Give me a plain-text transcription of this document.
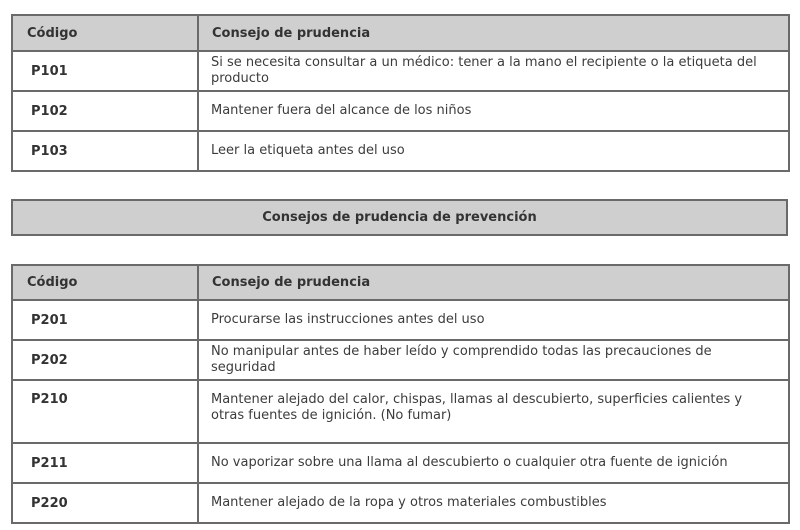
Código	Consejo de prudencia
P101	Si se necesita consultar a un médico: tener a la mano el recipiente o la etiqueta del producto
P102	Mantener fuera del alcance de los niños
P103	Leer la etiqueta antes del uso
Consejos de prudencia de prevención
Código	Consejo de prudencia
P201	Procurarse las instrucciones antes del uso
P202	No manipular antes de haber leído y comprendido todas las precauciones de seguridad
P210	Mantener alejado del calor, chispas, llamas al descubierto, superficies calientes y otras fuentes de ignición. (No fumar)
P211	No vaporizar sobre una llama al descubierto o cualquier otra fuente de ignición
P220	Mantener alejado de la ropa y otros materiales combustibles
